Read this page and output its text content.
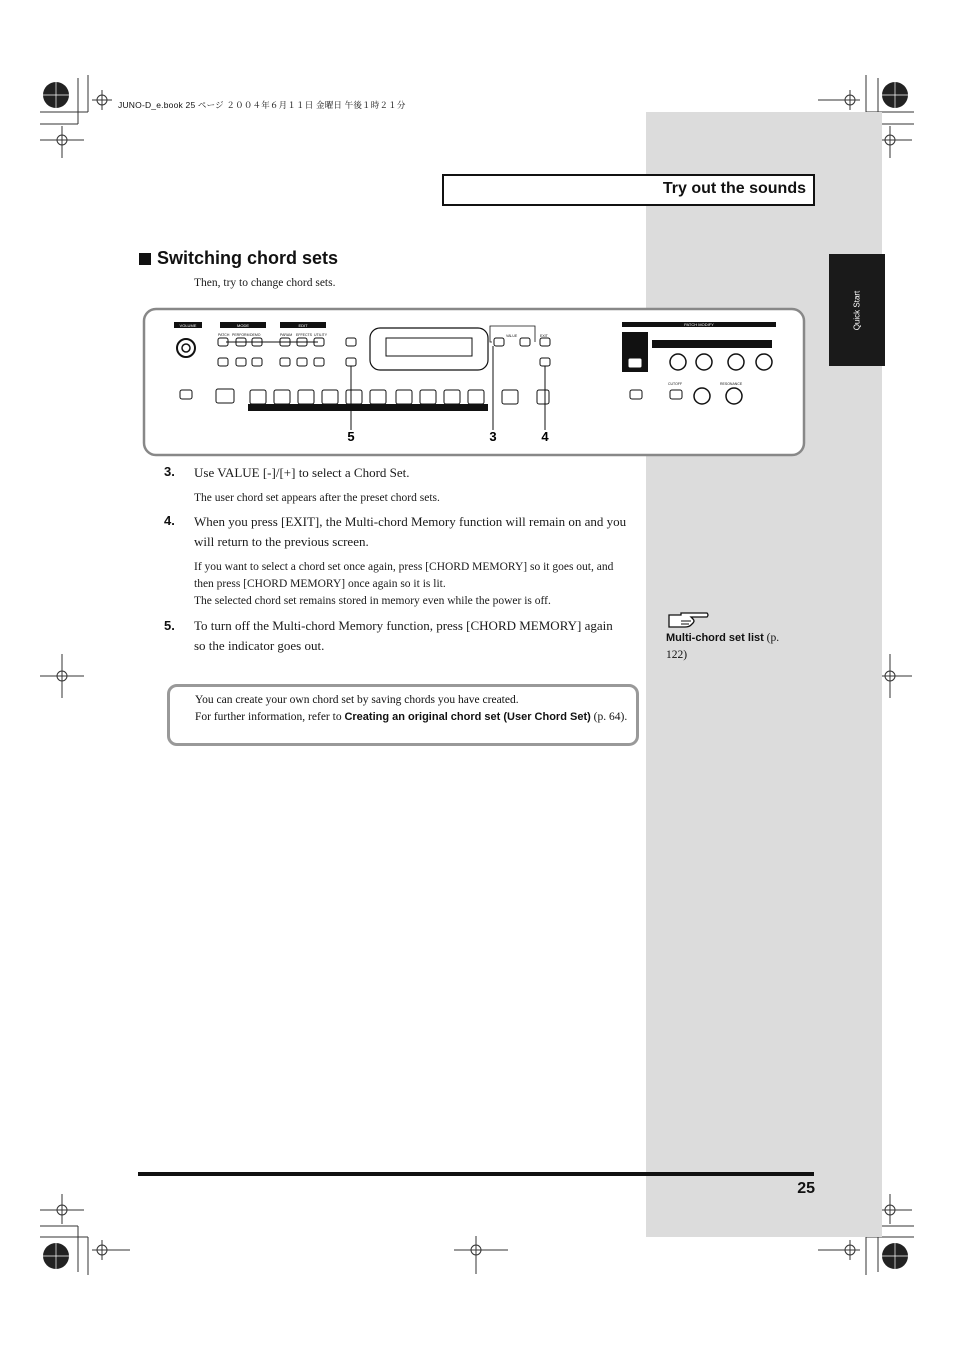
Quick Start
JUNO-D_e.book 25 ページ ２００４年６月１１日 金曜日 午後１時２１分
Try out the sounds
Switching chord sets
Then, try to change chord sets.
VOLUME	MODE	EDIT
PATCH PERFORM DEMO	PARAM EFFECTS UTILITY	VALUE	EXIT
CUTOFF	RESONANCE
PATCH MODIFY
5	3	4
3. Use VALUE [-]/[+] to select a Chord Set.
The user chord set appears after the preset chord sets.
4. When you press [EXIT], the Multi-chord Memory function will remain on and you will return to the previous screen.
If you want to select a chord set once again, press [CHORD MEMORY] so it goes out, and then press [CHORD MEMORY] once again so it is lit.
The selected chord set remains stored in memory even while the power is off.
5. To turn off the Multi-chord Memory function, press [CHORD MEMORY] again so the indicator goes out.
You can create your own chord set by saving chords you have created.
For further information, refer to Creating an original chord set (User Chord Set) (p. 64).
Multi-chord set list (p. 122)
25
